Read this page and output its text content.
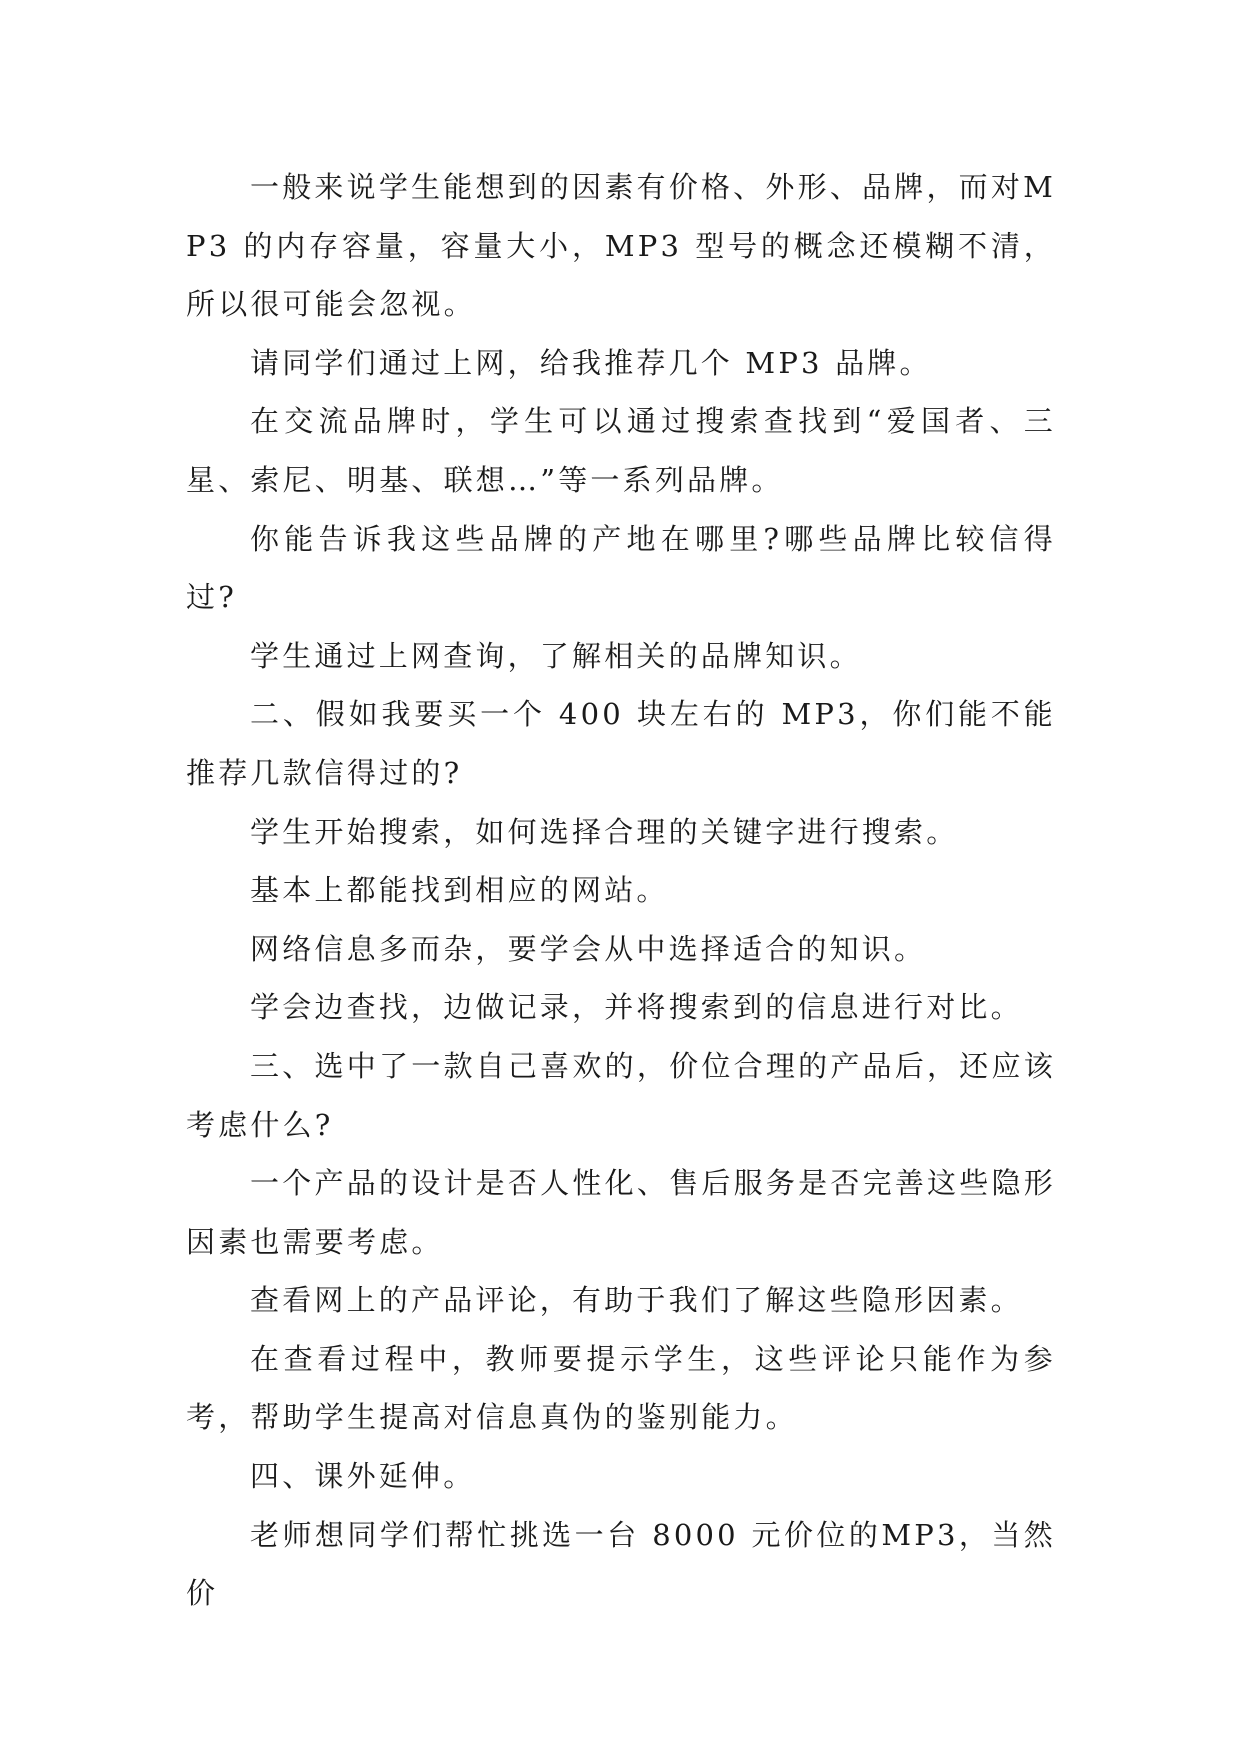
一般来说学生能想到的因素有价格、外形、品牌，而对MP3 的内存容量，容量大小，MP3 型号的概念还模糊不清，所以很可能会忽视。

请同学们通过上网，给我推荐几个 MP3 品牌。

在交流品牌时，学生可以通过搜索查找到“爱国者、三星、索尼、明基、联想…”等一系列品牌。

你能告诉我这些品牌的产地在哪里?哪些品牌比较信得过?

学生通过上网查询，了解相关的品牌知识。

二、假如我要买一个 400 块左右的 MP3，你们能不能推荐几款信得过的?

学生开始搜索，如何选择合理的关键字进行搜索。

基本上都能找到相应的网站。

网络信息多而杂，要学会从中选择适合的知识。

学会边查找，边做记录，并将搜索到的信息进行对比。

三、选中了一款自己喜欢的，价位合理的产品后，还应该考虑什么?

一个产品的设计是否人性化、售后服务是否完善这些隐形因素也需要考虑。

查看网上的产品评论，有助于我们了解这些隐形因素。

在查看过程中，教师要提示学生，这些评论只能作为参考，帮助学生提高对信息真伪的鉴别能力。

四、课外延伸。

老师想同学们帮忙挑选一台 8000 元价位的MP3，当然价
